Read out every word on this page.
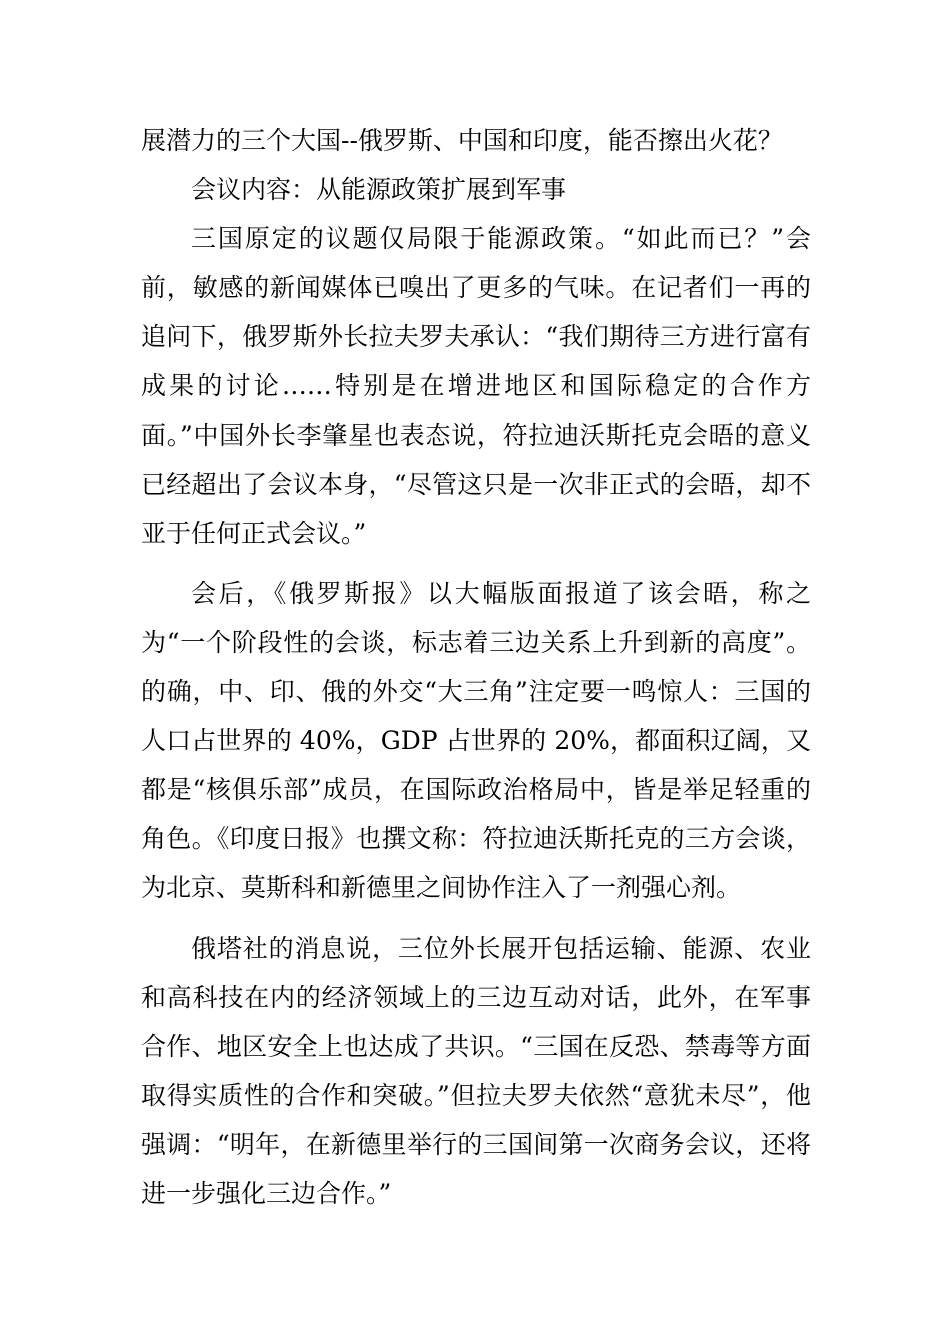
展潜力的三个大国--俄罗斯、中国和印度，能否擦出火花？

会议内容：从能源政策扩展到军事

三国原定的议题仅局限于能源政策。“如此而已？”会前，敏感的新闻媒体已嗅出了更多的气味。在记者们一再的追问下，俄罗斯外长拉夫罗夫承认：“我们期待三方进行富有成果的讨论……特别是在增进地区和国际稳定的合作方面。”中国外长李肇星也表态说，符拉迪沃斯托克会晤的意义已经超出了会议本身，“尽管这只是一次非正式的会晤，却不亚于任何正式会议。”

会后，《俄罗斯报》以大幅版面报道了该会晤，称之为“一个阶段性的会谈，标志着三边关系上升到新的高度”。的确，中、印、俄的外交“大三角”注定要一鸣惊人：三国的人口占世界的 40%，GDP 占世界的 20%，都面积辽阔，又都是“核俱乐部”成员，在国际政治格局中，皆是举足轻重的角色。《印度日报》也撰文称：符拉迪沃斯托克的三方会谈，为北京、莫斯科和新德里之间协作注入了一剂强心剂。

俄塔社的消息说，三位外长展开包括运输、能源、农业和高科技在内的经济领域上的三边互动对话，此外，在军事合作、地区安全上也达成了共识。“三国在反恐、禁毒等方面取得实质性的合作和突破。”但拉夫罗夫依然“意犹未尽”，他强调：“明年，在新德里举行的三国间第一次商务会议，还将进一步强化三边合作。”
